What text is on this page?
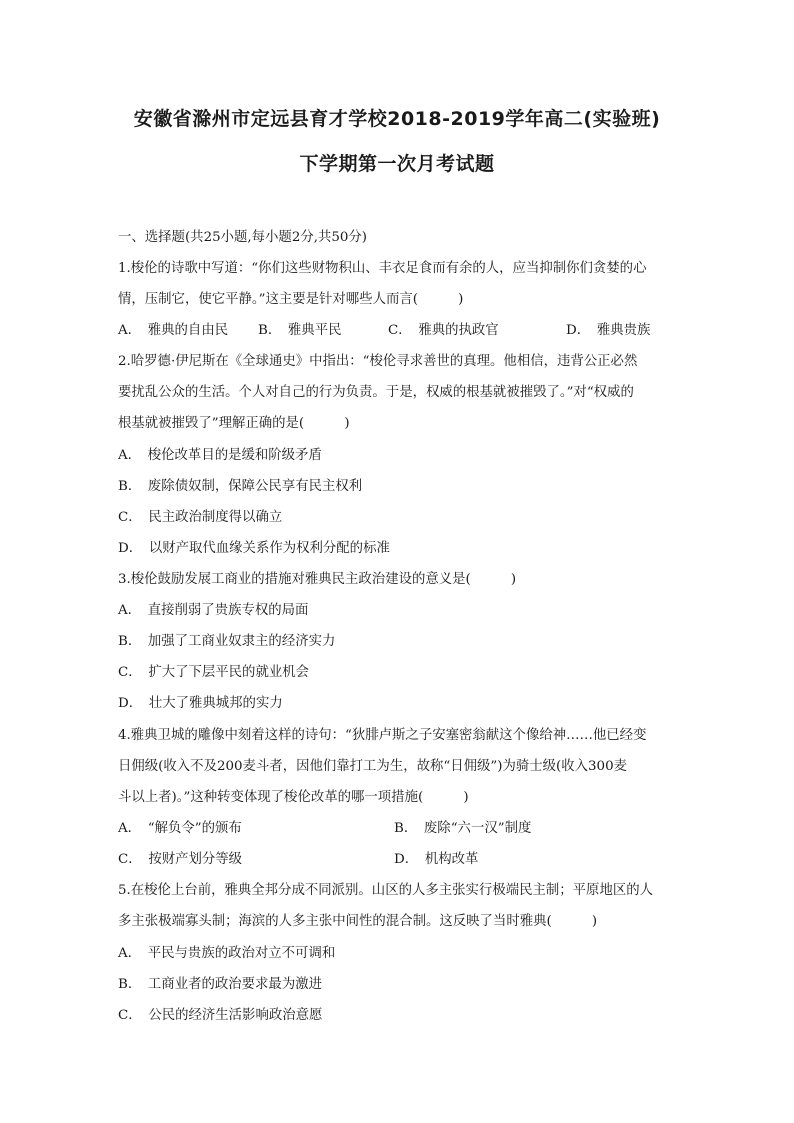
安徽省滁州市定远县育才学校2018-2019学年高二(实验班)
下学期第一次月考试题
一、选择题(共25小题,每小题2分,共50分)
1.梭伦的诗歌中写道：“你们这些财物积山、丰衣足食而有余的人，应当抑制你们贪婪的心
情，压制它，使它平静。”这主要是针对哪些人而言(　　　)
A．　雅典的自由民 B．　雅典平民	C．　雅典的执政官	D．　雅典贵族
2.哈罗德·伊尼斯在《全球通史》中指出：“梭伦寻求善世的真理。他相信，违背公正必然
要扰乱公众的生活。个人对自己的行为负责。于是，权威的根基就被摧毁了。”对“权威的
根基就被摧毁了”理解正确的是(　　　)
A．　梭伦改革目的是缓和阶级矛盾
B．　废除债奴制，保障公民享有民主权利
C．　民主政治制度得以确立
D．　以财产取代血缘关系作为权利分配的标准
3.梭伦鼓励发展工商业的措施对雅典民主政治建设的意义是(　　　)
A．　直接削弱了贵族专权的局面
B．　加强了工商业奴隶主的经济实力
C．　扩大了下层平民的就业机会
D．　壮大了雅典城邦的实力
4.雅典卫城的雕像中刻着这样的诗句：“狄腓卢斯之子安塞密翁献这个像给神……他已经变
日佣级(收入不及200麦斗者，因他们靠打工为生，故称“日佣级”)为骑士级(收入300麦
斗以上者)。”这种转变体现了梭伦改革的哪一项措施(　　　)
A．　“解负令”的颁布	B．　废除“六一汉”制度
C．　按财产划分等级	D．　机构改革
5.在梭伦上台前，雅典全邦分成不同派别。山区的人多主张实行极端民主制；平原地区的人
多主张极端寡头制；海滨的人多主张中间性的混合制。这反映了当时雅典(　　　)
A．　平民与贵族的政治对立不可调和
B．　工商业者的政治要求最为激进
C．　公民的经济生活影响政治意愿
